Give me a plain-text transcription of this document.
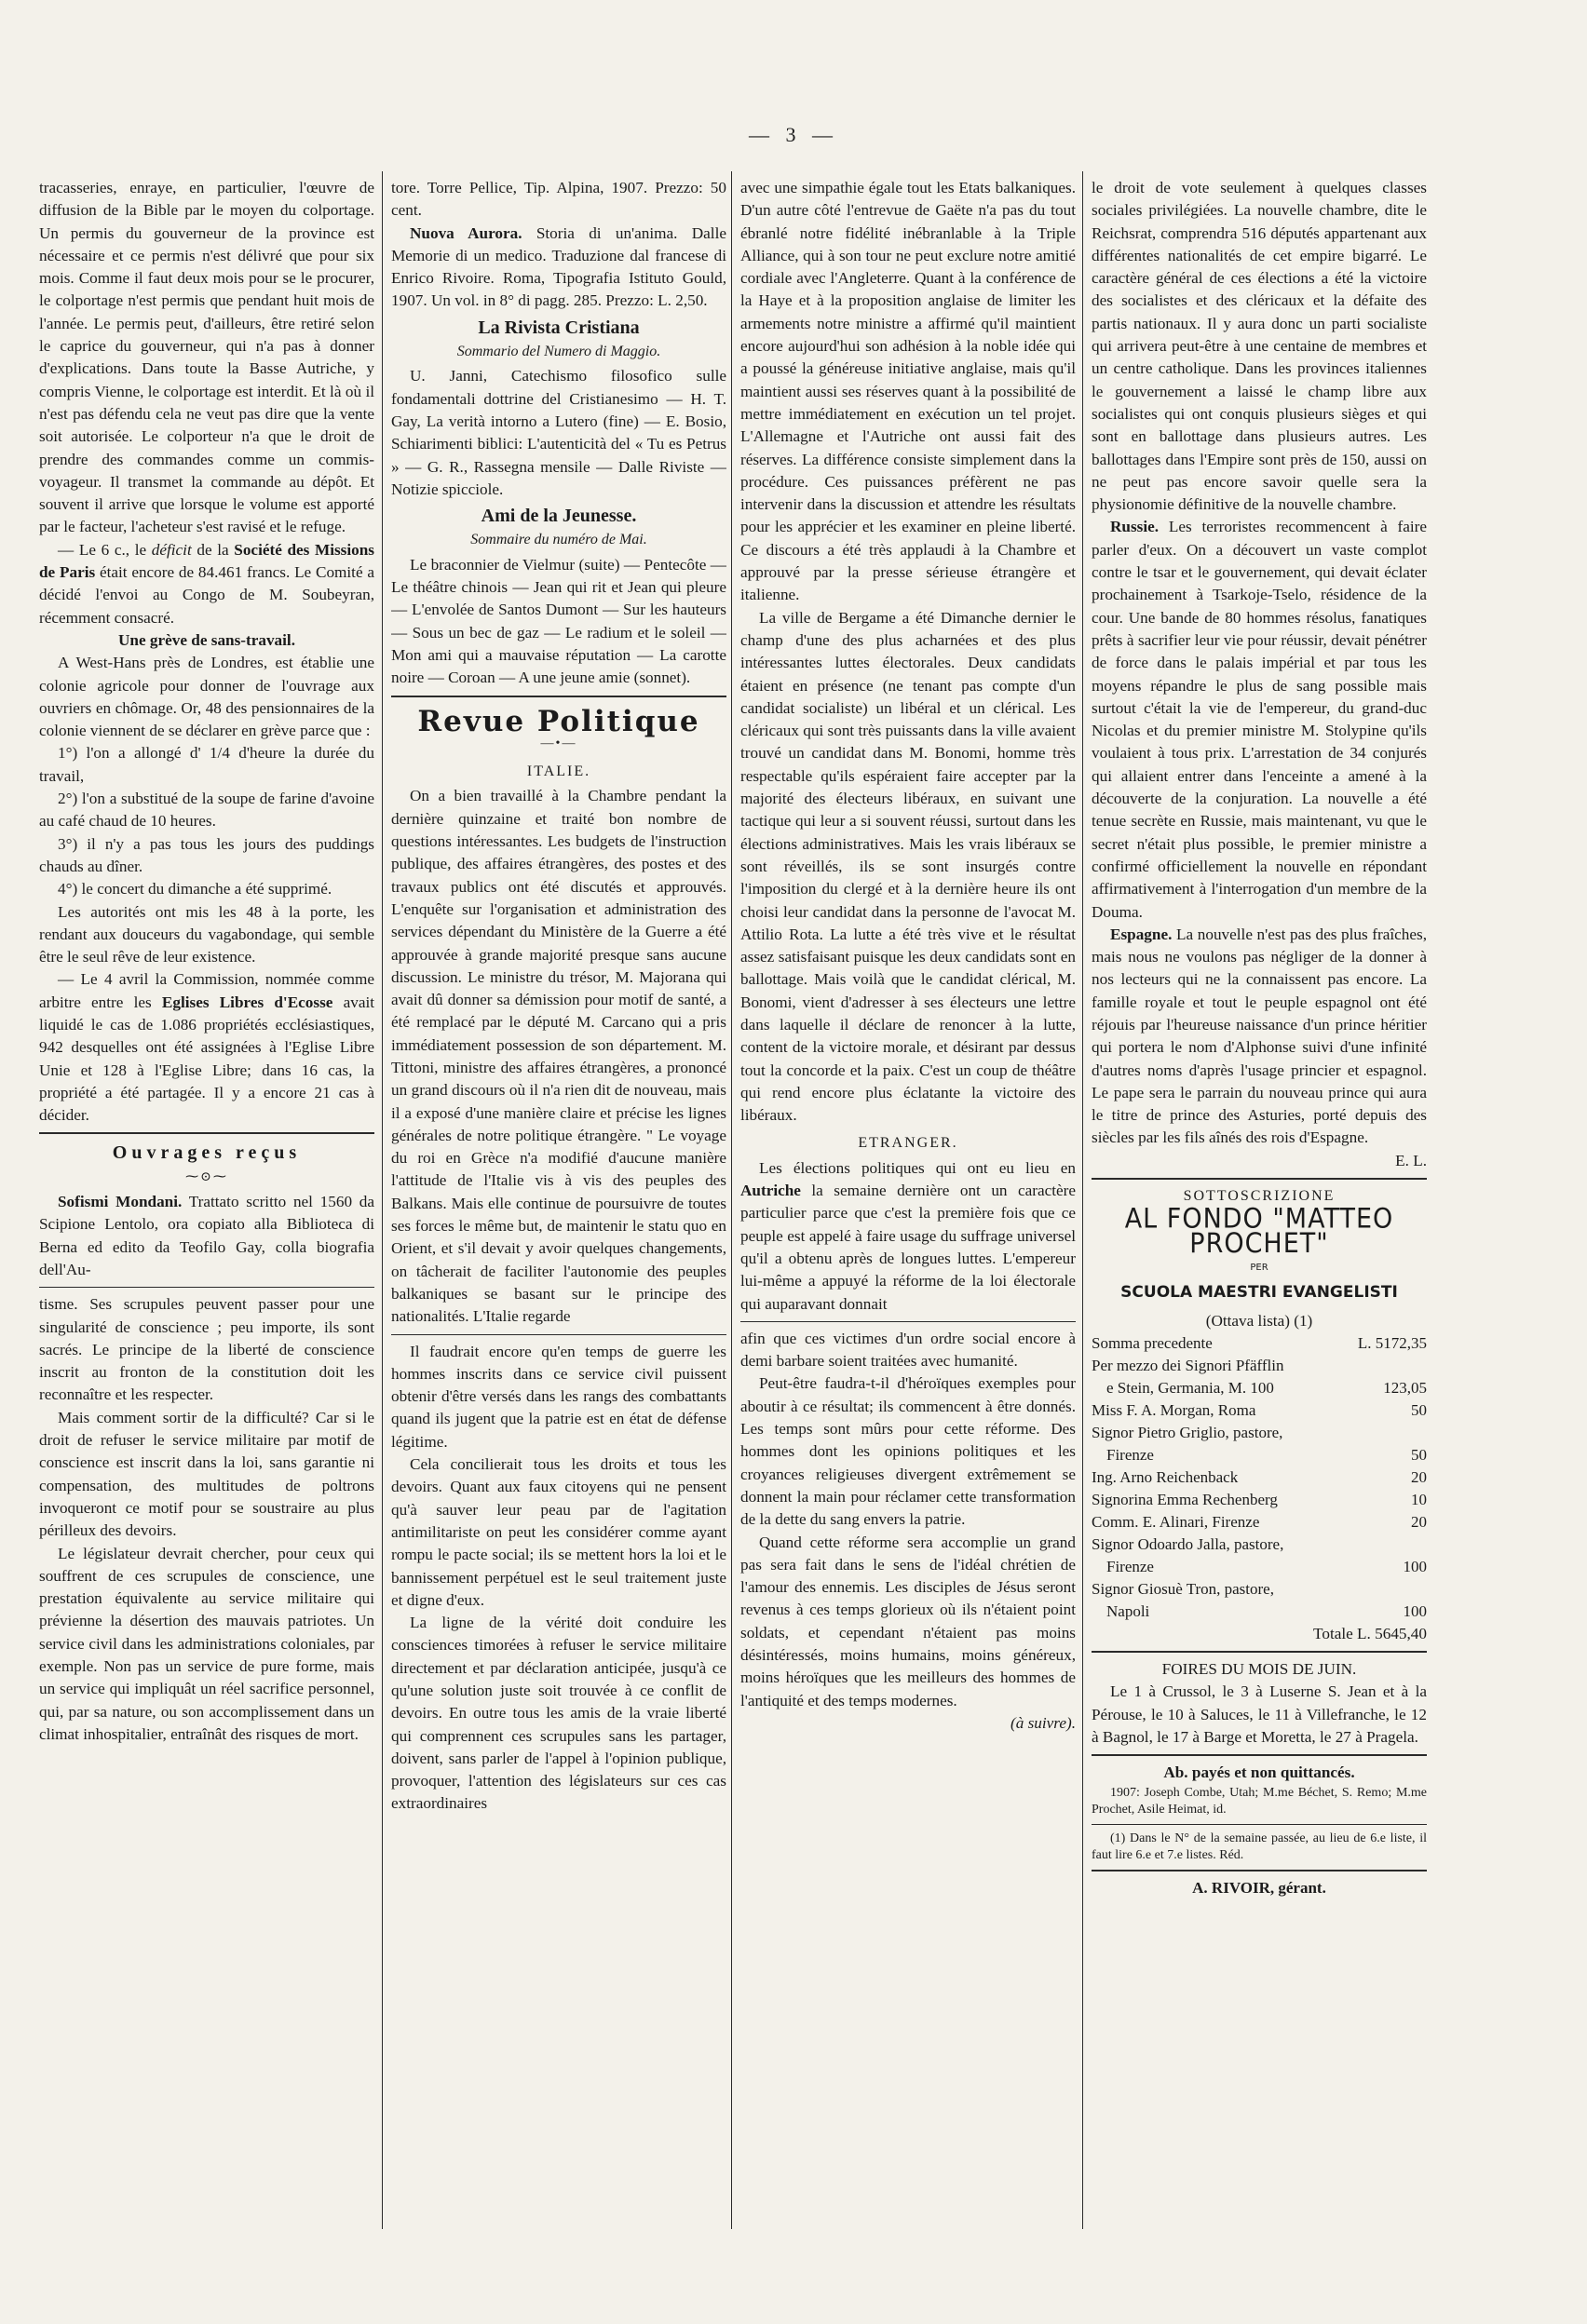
— 3 —

tracasseries, enraye, en particulier, l'œuvre de diffusion de la Bible par le moyen du colportage. Un permis du gouverneur de la province est nécessaire et ce permis n'est délivré que pour six mois. Comme il faut deux mois pour se le procurer, le colportage n'est permis que pendant huit mois de l'année. Le permis peut, d'ailleurs, être retiré selon le caprice du gouverneur, qui n'a pas à donner d'explications. Dans toute la Basse Autriche, y compris Vienne, le colportage est interdit. Et là où il n'est pas défendu cela ne veut pas dire que la vente soit autorisée. Le colporteur n'a que le droit de prendre des commandes comme un commis-voyageur. Il transmet la commande au dépôt. Et souvent il arrive que lorsque le volume est apporté par le facteur, l'acheteur s'est ravisé et le refuge.

— Le 6 c., le déficit de la Société des Missions de Paris était encore de 84.461 francs. Le Comité a décidé l'envoi au Congo de M. Soubeyran, récemment consacré.

Une grève de sans-travail.

A West-Hans près de Londres, est établie une colonie agricole pour donner de l'ouvrage aux ouvriers en chômage. Or, 48 des pensionnaires de la colonie viennent de se déclarer en grève parce que :

1°) l'on a allongé d' 1/4 d'heure la durée du travail,

2°) l'on a substitué de la soupe de farine d'avoine au café chaud de 10 heures.

3°) il n'y a pas tous les jours des puddings chauds au dîner.

4°) le concert du dimanche a été supprimé.

Les autorités ont mis les 48 à la porte, les rendant aux douceurs du vagabondage, qui semble être le seul rêve de leur existence.

— Le 4 avril la Commission, nommée comme arbitre entre les Eglises Libres d'Ecosse avait liquidé le cas de 1.086 propriétés ecclésiastiques, 942 desquelles ont été assignées à l'Eglise Libre Unie et 128 à l'Eglise Libre; dans 16 cas, la propriété a été partagée. Il y a encore 21 cas à décider.

Ouvrages reçus
⁓⊙⁓

Sofismi Mondani. Trattato scritto nel 1560 da Scipione Lentolo, ora copiato alla Biblioteca di Berna ed edito da Teofilo Gay, colla biografia dell'Au-

tisme. Ses scrupules peuvent passer pour une singularité de conscience ; peu importe, ils sont sacrés. Le principe de la liberté de conscience inscrit au fronton de la constitution doit les reconnaître et les respecter.

Mais comment sortir de la difficulté? Car si le droit de refuser le service militaire par motif de conscience est inscrit dans la loi, sans garantie ni compensation, des multitudes de poltrons invoqueront ce motif pour se soustraire au plus périlleux des devoirs.

Le législateur devrait chercher, pour ceux qui souffrent de ces scrupules de conscience, une prestation équivalente au service militaire qui prévienne la désertion des mauvais patriotes. Un service civil dans les administrations coloniales, par exemple. Non pas un service de pure forme, mais un service qui impliquât un réel sacrifice personnel, qui, par sa nature, ou son accomplissement dans un climat inhospitalier, entraînât des risques de mort.

tore. Torre Pellice, Tip. Alpina, 1907. Prezzo: 50 cent.

Nuova Aurora. Storia di un'anima. Dalle Memorie di un medico. Traduzione dal francese di Enrico Rivoire. Roma, Tipografia Istituto Gould, 1907. Un vol. in 8° di pagg. 285. Prezzo: L. 2,50.

La Rivista Cristiana
Sommario del Numero di Maggio.

U. Janni, Catechismo filosofico sulle fondamentali dottrine del Cristianesimo — H. T. Gay, La verità intorno a Lutero (fine) — E. Bosio, Schiarimenti biblici: L'autenticità del « Tu es Petrus » — G. R., Rassegna mensile — Dalle Riviste — Notizie spicciole.

Ami de la Jeunesse.
Sommaire du numéro de Mai.

Le braconnier de Vielmur (suite) — Pentecôte — Le théâtre chinois — Jean qui rit et Jean qui pleure — L'envolée de Santos Dumont — Sur les hauteurs — Sous un bec de gaz — Le radium et le soleil — Mon ami qui a mauvaise réputation — La carotte noire — Coroan — A une jeune amie (sonnet).

Revue Politique
—•—
ITALIE.

On a bien travaillé à la Chambre pendant la dernière quinzaine et traité bon nombre de questions intéressantes. Les budgets de l'instruction publique, des affaires étrangères, des postes et des travaux publics ont été discutés et approuvés. L'enquête sur l'organisation et administration des services dépendant du Ministère de la Guerre a été approuvée à grande majorité presque sans aucune discussion. Le ministre du trésor, M. Majorana qui avait dû donner sa démission pour motif de santé, a été remplacé par le député M. Carcano qui a pris immédiatement possession de son département. M. Tittoni, ministre des affaires étrangères, a prononcé un grand discours où il n'a rien dit de nouveau, mais il a exposé d'une manière claire et précise les lignes générales de notre politique étrangère. " Le voyage du roi en Grèce n'a modifié d'aucune manière l'attitude de l'Italie vis à vis des peuples des Balkans. Mais elle continue de poursuivre de toutes ses forces le même but, de maintenir le statu quo en Orient, et s'il devait y avoir quelques changements, on tâcherait de faciliter l'autonomie des peuples balkaniques se basant sur le principe des nationalités. L'Italie regarde

Il faudrait encore qu'en temps de guerre les hommes inscrits dans ce service civil puissent obtenir d'être versés dans les rangs des combattants quand ils jugent que la patrie est en état de défense légitime.

Cela concilierait tous les droits et tous les devoirs. Quant aux faux citoyens qui ne pensent qu'à sauver leur peau par de l'agitation antimilitariste on peut les considérer comme ayant rompu le pacte social; ils se mettent hors la loi et le bannissement perpétuel est le seul traitement juste et digne d'eux.

La ligne de la vérité doit conduire les consciences timorées à refuser le service militaire directement et par déclaration anticipée, jusqu'à ce qu'une solution juste soit trouvée à ce conflit de devoirs. En outre tous les amis de la vraie liberté qui comprennent ces scrupules sans les partager, doivent, sans parler de l'appel à l'opinion publique, provoquer, l'attention des législateurs sur ces cas extraordinaires

avec une simpathie égale tout les Etats balkaniques. D'un autre côté l'entrevue de Gaëte n'a pas du tout ébranlé notre fidélité inébranlable à la Triple Alliance, qui à son tour ne peut exclure notre amitié cordiale avec l'Angleterre. Quant à la conférence de la Haye et à la proposition anglaise de limiter les armements notre ministre a affirmé qu'il maintient encore aujourd'hui son adhésion à la noble idée qui a poussé la généreuse initiative anglaise, mais qu'il maintient aussi ses réserves quant à la possibilité de mettre immédiatement en exécution un tel projet. L'Allemagne et l'Autriche ont aussi fait des réserves. La différence consiste simplement dans la procédure. Ces puissances préfèrent ne pas intervenir dans la discussion et attendre les résultats pour les apprécier et les examiner en pleine liberté. Ce discours a été très applaudi à la Chambre et approuvé par la presse sérieuse étrangère et italienne.

La ville de Bergame a été Dimanche dernier le champ d'une des plus acharnées et des plus intéressantes luttes électorales. Deux candidats étaient en présence (ne tenant pas compte d'un candidat socialiste) un libéral et un clérical. Les cléricaux qui sont très puissants dans la ville avaient trouvé un candidat dans M. Bonomi, homme très respectable qu'ils espéraient faire accepter par la majorité des électeurs libéraux, en suivant une tactique qui leur a si souvent réussi, surtout dans les élections administratives. Mais les vrais libéraux se sont réveillés, ils se sont insurgés contre l'imposition du clergé et à la dernière heure ils ont choisi leur candidat dans la personne de l'avocat M. Attilio Rota. La lutte a été très vive et le résultat assez satisfaisant puisque les deux candidats sont en ballottage. Mais voilà que le candidat clérical, M. Bonomi, vient d'adresser à ses électeurs une lettre dans laquelle il déclare de renoncer à la lutte, content de la victoire morale, et désirant par dessus tout la concorde et la paix. C'est un coup de théâtre qui rend encore plus éclatante la victoire des libéraux.

ETRANGER.

Les élections politiques qui ont eu lieu en Autriche la semaine dernière ont un caractère particulier parce que c'est la première fois que ce peuple est appelé à faire usage du suffrage universel qu'il a obtenu après de longues luttes. L'empereur lui-même a appuyé la réforme de la loi électorale qui auparavant donnait

afin que ces victimes d'un ordre social encore à demi barbare soient traitées avec humanité.

Peut-être faudra-t-il d'héroïques exemples pour aboutir à ce résultat; ils commencent à être donnés. Les temps sont mûrs pour cette réforme. Des hommes dont les opinions politiques et les croyances religieuses divergent extrêmement se donnent la main pour réclamer cette transformation de la dette du sang envers la patrie.

Quand cette réforme sera accomplie un grand pas sera fait dans le sens de l'idéal chrétien de l'amour des ennemis. Les disciples de Jésus seront revenus à ces temps glorieux où ils n'étaient point soldats, et cependant n'étaient pas moins désintéressés, moins humains, moins généreux, moins héroïques que les meilleurs des hommes de l'antiquité et des temps modernes.

(à suivre).

le droit de vote seulement à quelques classes sociales privilégiées. La nouvelle chambre, dite le Reichsrat, comprendra 516 députés appartenant aux différentes nationalités de cet empire bigarré. Le caractère général de ces élections a été la victoire des socialistes et des cléricaux et la défaite des partis nationaux. Il y aura donc un parti socialiste qui arrivera peut-être à une centaine de membres et un centre catholique. Dans les provinces italiennes le gouvernement a laissé le champ libre aux socialistes qui ont conquis plusieurs sièges et qui sont en ballottage dans plusieurs autres. Les ballottages dans l'Empire sont près de 150, aussi on ne peut pas encore savoir quelle sera la physionomie définitive de la nouvelle chambre.

Russie. Les terroristes recommencent à faire parler d'eux. On a découvert un vaste complot contre le tsar et le gouvernement, qui devait éclater prochainement à Tsarkoje-Tselo, résidence de la cour. Une bande de 80 hommes résolus, fanatiques prêts à sacrifier leur vie pour réussir, devait pénétrer de force dans le palais impérial et par tous les moyens répandre le plus de sang possible mais surtout c'était la vie de l'empereur, du grand-duc Nicolas et du premier ministre M. Stolypine qu'ils voulaient à tous prix. L'arrestation de 34 conjurés qui allaient entrer dans l'enceinte a amené à la découverte de la conjuration. La nouvelle a été tenue secrète en Russie, mais maintenant, vu que le secret n'était plus possible, le premier ministre a confirmé officiellement la nouvelle en répondant affirmativement à l'interrogation d'un membre de la Douma.

Espagne. La nouvelle n'est pas des plus fraîches, mais nous ne voulons pas négliger de la donner à nos lecteurs qui ne la connaissent pas encore. La famille royale et tout le peuple espagnol ont été réjouis par l'heureuse naissance d'un prince héritier qui portera le nom d'Alphonse suivi d'une infinité d'autres noms d'après l'usage princier et espagnol. Le pape sera le parrain du nouveau prince qui aura le titre de prince des Asturies, porté depuis des siècles par les fils aînés des rois d'Espagne.

E. L.

SOTTOSCRIZIONE
AL FONDO "MATTEO PROCHET"
PER
SCUOLA MAESTRI EVANGELISTI

(Ottava lista) (1)

Somma precedente	L. 5172,35
Per mezzo dei Signori Pfäfflin
e Stein, Germania, M. 100	123,05
Miss F. A. Morgan, Roma	50
Signor Pietro Griglio, pastore,
Firenze	50
Ing. Arno Reichenback	20
Signorina Emma Rechenberg	10
Comm. E. Alinari, Firenze	20
Signor Odoardo Jalla, pastore,
Firenze	100
Signor Giosuè Tron, pastore,
Napoli	100

Totale L. 5645,40

FOIRES DU MOIS DE JUIN.

Le 1 à Crussol, le 3 à Luserne S. Jean et à la Pérouse, le 10 à Saluces, le 11 à Villefranche, le 12 à Bagnol, le 17 à Barge et Moretta, le 27 à Pragela.

Ab. payés et non quittancés.

1907: Joseph Combe, Utah; M.me Béchet, S. Remo; M.me Prochet, Asile Heimat, id.

(1) Dans le N° de la semaine passée, au lieu de 6.e liste, il faut lire 6.e et 7.e listes. Réd.

A. RIVOIR, gérant.
